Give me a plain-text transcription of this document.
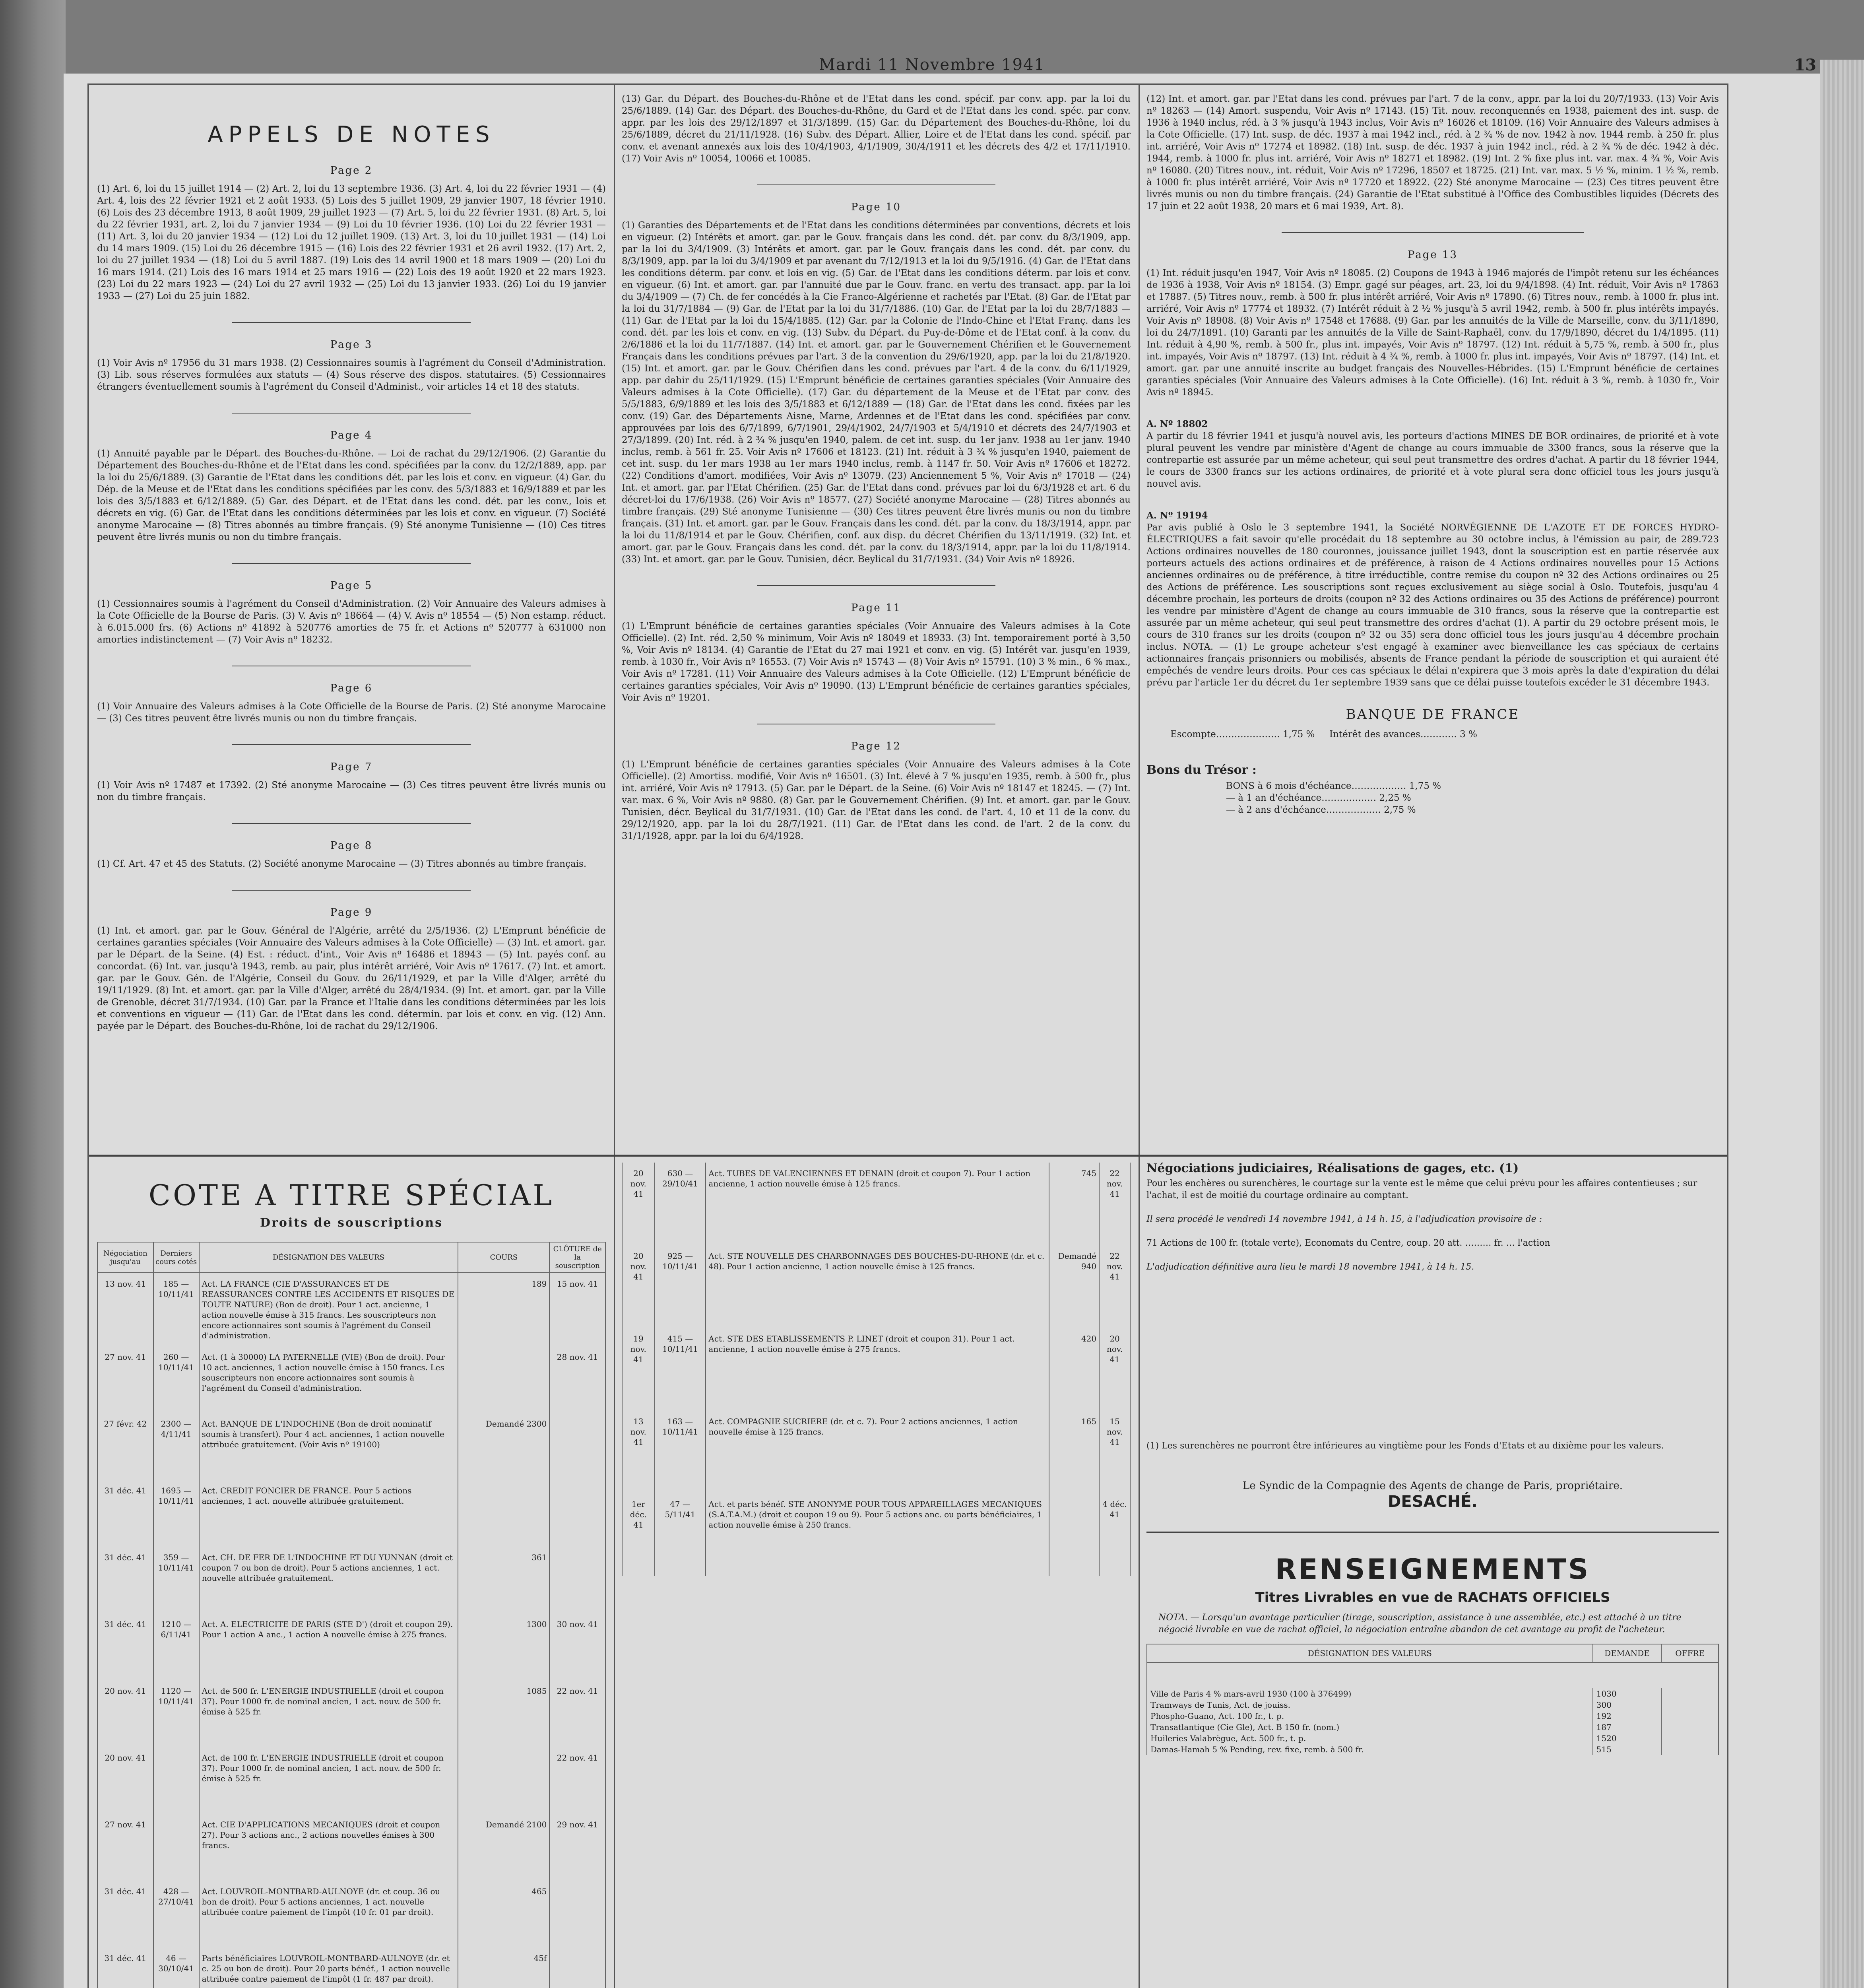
Mardi 11 Novembre 1941	13
APPELS DE NOTES
Page 2

(1) Art. 6, loi du 15 juillet 1914 — (2) Art. 2, loi du 13 septembre 1936. (3) Art. 4, loi du 22 février 1931 — (4) Art. 4, lois des 22 février 1921 et 2 août 1933. (5) Lois des 5 juillet 1909, 29 janvier 1907, 18 février 1910. (6) Lois des 23 décembre 1913, 8 août 1909, 29 juillet 1923 — (7) Art. 5, loi du 22 février 1931. (8) Art. 5, loi du 22 février 1931, art. 2, loi du 7 janvier 1934 — (9) Loi du 10 février 1936. (10) Loi du 22 février 1931 — (11) Art. 3, loi du 20 janvier 1934 — (12) Loi du 12 juillet 1909. (13) Art. 3, loi du 10 juillet 1931 — (14) Loi du 14 mars 1909. (15) Loi du 26 décembre 1915 — (16) Lois des 22 février 1931 et 26 avril 1932. (17) Art. 2, loi du 27 juillet 1934 — (18) Loi du 5 avril 1887. (19) Lois des 14 avril 1900 et 18 mars 1909 — (20) Loi du 16 mars 1914. (21) Lois des 16 mars 1914 et 25 mars 1916 — (22) Lois des 19 août 1920 et 22 mars 1923. (23) Loi du 22 mars 1923 — (24) Loi du 27 avril 1932 — (25) Loi du 13 janvier 1933. (26) Loi du 19 janvier 1933 — (27) Loi du 25 juin 1882.

Page 3

(1) Voir Avis nº 17956 du 31 mars 1938. (2) Cessionnaires soumis à l'agrément du Conseil d'Administration. (3) Lib. sous réserves formulées aux statuts — (4) Sous réserve des dispos. statutaires. (5) Cessionnaires étrangers éventuellement soumis à l'agrément du Conseil d'Administ., voir articles 14 et 18 des statuts.

Page 4

(1) Annuité payable par le Départ. des Bouches-du-Rhône. — Loi de rachat du 29/12/1906. (2) Garantie du Département des Bouches-du-Rhône et de l'Etat dans les cond. spécifiées par la conv. du 12/2/1889, app. par la loi du 25/6/1889. (3) Garantie de l'Etat dans les conditions dét. par les lois et conv. en vigueur. (4) Gar. du Dép. de la Meuse et de l'Etat dans les conditions spécifiées par les conv. des 5/3/1883 et 16/9/1889 et par les lois des 3/5/1883 et 6/12/1889. (5) Gar. des Départ. et de l'Etat dans les cond. dét. par les conv., lois et décrets en vig. (6) Gar. de l'Etat dans les conditions déterminées par les lois et conv. en vigueur. (7) Société anonyme Marocaine — (8) Titres abonnés au timbre français. (9) Sté anonyme Tunisienne — (10) Ces titres peuvent être livrés munis ou non du timbre français.

Page 5

(1) Cessionnaires soumis à l'agrément du Conseil d'Administration. (2) Voir Annuaire des Valeurs admises à la Cote Officielle de la Bourse de Paris. (3) V. Avis nº 18664 — (4) V. Avis nº 18554 — (5) Non estamp. réduct. à 6.015.000 frs. (6) Actions nº 41892 à 520776 amorties de 75 fr. et Actions nº 520777 à 631000 non amorties indistinctement — (7) Voir Avis nº 18232.

Page 6

(1) Voir Annuaire des Valeurs admises à la Cote Officielle de la Bourse de Paris. (2) Sté anonyme Marocaine — (3) Ces titres peuvent être livrés munis ou non du timbre français.

Page 7

(1) Voir Avis nº 17487 et 17392. (2) Sté anonyme Marocaine — (3) Ces titres peuvent être livrés munis ou non du timbre français.

Page 8

(1) Cf. Art. 47 et 45 des Statuts. (2) Société anonyme Marocaine — (3) Titres abonnés au timbre français.

Page 9

(1) Int. et amort. gar. par le Gouv. Général de l'Algérie, arrêté du 2/5/1936. (2) L'Emprunt bénéficie de certaines garanties spéciales (Voir Annuaire des Valeurs admises à la Cote Officielle) — (3) Int. et amort. gar. par le Départ. de la Seine. (4) Est. : réduct. d'int., Voir Avis nº 16486 et 18943 — (5) Int. payés conf. au concordat. (6) Int. var. jusqu'à 1943, remb. au pair, plus intérêt arriéré, Voir Avis nº 17617. (7) Int. et amort. gar. par le Gouv. Gén. de l'Algérie, Conseil du Gouv. du 26/11/1929, et par la Ville d'Alger, arrêté du 19/11/1929. (8) Int. et amort. gar. par la Ville d'Alger, arrêté du 28/4/1934. (9) Int. et amort. gar. par la Ville de Grenoble, décret 31/7/1934. (10) Gar. par la France et l'Italie dans les conditions déterminées par les lois et conventions en vigueur — (11) Gar. de l'Etat dans les cond. détermin. par lois et conv. en vig. (12) Ann. payée par le Départ. des Bouches-du-Rhône, loi de rachat du 29/12/1906.

(13) Gar. du Départ. des Bouches-du-Rhône et de l'Etat dans les cond. spécif. par conv. app. par la loi du 25/6/1889. (14) Gar. des Départ. des Bouches-du-Rhône, du Gard et de l'Etat dans les cond. spéc. par conv. appr. par les lois des 29/12/1897 et 31/3/1899. (15) Gar. du Département des Bouches-du-Rhône, loi du 25/6/1889, décret du 21/11/1928. (16) Subv. des Départ. Allier, Loire et de l'Etat dans les cond. spécif. par conv. et avenant annexés aux lois des 10/4/1903, 4/1/1909, 30/4/1911 et les décrets des 4/2 et 17/11/1910. (17) Voir Avis nº 10054, 10066 et 10085.

Page 10

(1) Garanties des Départements et de l'Etat dans les conditions déterminées par conventions, décrets et lois en vigueur. (2) Intérêts et amort. gar. par le Gouv. français dans les cond. dét. par conv. du 8/3/1909, app. par la loi du 3/4/1909. (3) Intérêts et amort. gar. par le Gouv. français dans les cond. dét. par conv. du 8/3/1909, app. par la loi du 3/4/1909 et par avenant du 7/12/1913 et la loi du 9/5/1916. (4) Gar. de l'Etat dans les conditions déterm. par conv. et lois en vig. (5) Gar. de l'Etat dans les conditions déterm. par lois et conv. en vigueur. (6) Int. et amort. gar. par l'annuité due par le Gouv. franc. en vertu des transact. app. par la loi du 3/4/1909 — (7) Ch. de fer concédés à la Cie Franco-Algérienne et rachetés par l'Etat. (8) Gar. de l'Etat par la loi du 31/7/1884 — (9) Gar. de l'Etat par la loi du 31/7/1886. (10) Gar. de l'Etat par la loi du 28/7/1883 — (11) Gar. de l'Etat par la loi du 15/4/1885. (12) Gar. par la Colonie de l'Indo-Chine et l'Etat Franç. dans les cond. dét. par les lois et conv. en vig. (13) Subv. du Départ. du Puy-de-Dôme et de l'Etat conf. à la conv. du 2/6/1886 et la loi du 11/7/1887. (14) Int. et amort. gar. par le Gouvernement Chérifien et le Gouvernement Français dans les conditions prévues par l'art. 3 de la convention du 29/6/1920, app. par la loi du 21/8/1920. (15) Int. et amort. gar. par le Gouv. Chérifien dans les cond. prévues par l'art. 4 de la conv. du 6/11/1929, app. par dahir du 25/11/1929. (15) L'Emprunt bénéficie de certaines garanties spéciales (Voir Annuaire des Valeurs admises à la Cote Officielle). (17) Gar. du département de la Meuse et de l'Etat par conv. des 5/5/1883, 6/9/1889 et les lois des 3/5/1883 et 6/12/1889 — (18) Gar. de l'Etat dans les cond. fixées par les conv. (19) Gar. des Départements Aisne, Marne, Ardennes et de l'Etat dans les cond. spécifiées par conv. approuvées par lois des 6/7/1899, 6/7/1901, 29/4/1902, 24/7/1903 et 5/4/1910 et décrets des 24/7/1903 et 27/3/1899. (20) Int. réd. à 2 ¾ % jusqu'en 1940, palem. de cet int. susp. du 1er janv. 1938 au 1er janv. 1940 inclus, remb. à 561 fr. 25. Voir Avis nº 17606 et 18123. (21) Int. réduit à 3 ¾ % jusqu'en 1940, paiement de cet int. susp. du 1er mars 1938 au 1er mars 1940 inclus, remb. à 1147 fr. 50. Voir Avis nº 17606 et 18272. (22) Conditions d'amort. modifiées, Voir Avis nº 13079. (23) Anciennement 5 %, Voir Avis nº 17018 — (24) Int. et amort. gar. par l'Etat Chérifien. (25) Gar. de l'Etat dans cond. prévues par loi du 6/3/1928 et art. 6 du décret-loi du 17/6/1938. (26) Voir Avis nº 18577. (27) Société anonyme Marocaine — (28) Titres abonnés au timbre français. (29) Sté anonyme Tunisienne — (30) Ces titres peuvent être livrés munis ou non du timbre français. (31) Int. et amort. gar. par le Gouv. Français dans les cond. dét. par la conv. du 18/3/1914, appr. par la loi du 11/8/1914 et par le Gouv. Chérifien, conf. aux disp. du décret Chérifien du 13/11/1919. (32) Int. et amort. gar. par le Gouv. Français dans les cond. dét. par la conv. du 18/3/1914, appr. par la loi du 11/8/1914. (33) Int. et amort. gar. par le Gouv. Tunisien, décr. Beylical du 31/7/1931. (34) Voir Avis nº 18926.

Page 11

(1) L'Emprunt bénéficie de certaines garanties spéciales (Voir Annuaire des Valeurs admises à la Cote Officielle). (2) Int. réd. 2,50 % minimum, Voir Avis nº 18049 et 18933. (3) Int. temporairement porté à 3,50 %, Voir Avis nº 18134. (4) Garantie de l'Etat du 27 mai 1921 et conv. en vig. (5) Intérêt var. jusqu'en 1939, remb. à 1030 fr., Voir Avis nº 16553. (7) Voir Avis nº 15743 — (8) Voir Avis nº 15791. (10) 3 % min., 6 % max., Voir Avis nº 17281. (11) Voir Annuaire des Valeurs admises à la Cote Officielle. (12) L'Emprunt bénéficie de certaines garanties spéciales, Voir Avis nº 19090. (13) L'Emprunt bénéficie de certaines garanties spéciales, Voir Avis nº 19201.

Page 12

(1) L'Emprunt bénéficie de certaines garanties spéciales (Voir Annuaire des Valeurs admises à la Cote Officielle). (2) Amortiss. modifié, Voir Avis nº 16501. (3) Int. élevé à 7 % jusqu'en 1935, remb. à 500 fr., plus int. arriéré, Voir Avis nº 17913. (5) Gar. par le Départ. de la Seine. (6) Voir Avis nº 18147 et 18245. — (7) Int. var. max. 6 %, Voir Avis nº 9880. (8) Gar. par le Gouvernement Chérifien. (9) Int. et amort. gar. par le Gouv. Tunisien, décr. Beylical du 31/7/1931. (10) Gar. de l'Etat dans les cond. de l'art. 4, 10 et 11 de la conv. du 29/12/1920, app. par la loi du 28/7/1921. (11) Gar. de l'Etat dans les cond. de l'art. 2 de la conv. du 31/1/1928, appr. par la loi du 6/4/1928.

(12) Int. et amort. gar. par l'Etat dans les cond. prévues par l'art. 7 de la conv., appr. par la loi du 20/7/1933. (13) Voir Avis nº 18263 — (14) Amort. suspendu, Voir Avis nº 17143. (15) Tit. nouv. reconquennés en 1938, paiement des int. susp. de 1936 à 1940 inclus, réd. à 3 % jusqu'à 1943 inclus, Voir Avis nº 16026 et 18109. (16) Voir Annuaire des Valeurs admises à la Cote Officielle. (17) Int. susp. de déc. 1937 à mai 1942 incl., réd. à 2 ¾ % de nov. 1942 à nov. 1944 remb. à 250 fr. plus int. arriéré, Voir Avis nº 17274 et 18982. (18) Int. susp. de déc. 1937 à juin 1942 incl., réd. à 2 ¾ % de déc. 1942 à déc. 1944, remb. à 1000 fr. plus int. arriéré, Voir Avis nº 18271 et 18982. (19) Int. 2 % fixe plus int. var. max. 4 ¾ %, Voir Avis nº 16080. (20) Titres nouv., int. réduit, Voir Avis nº 17296, 18507 et 18725. (21) Int. var. max. 5 ½ %, minim. 1 ½ %, remb. à 1000 fr. plus intérêt arriéré, Voir Avis nº 17720 et 18922. (22) Sté anonyme Marocaine — (23) Ces titres peuvent être livrés munis ou non du timbre français. (24) Garantie de l'Etat substitué à l'Office des Combustibles liquides (Décrets des 17 juin et 22 août 1938, 20 mars et 6 mai 1939, Art. 8).

Page 13

(1) Int. réduit jusqu'en 1947, Voir Avis nº 18085. (2) Coupons de 1943 à 1946 majorés de l'impôt retenu sur les échéances de 1936 à 1938, Voir Avis nº 18154. (3) Empr. gagé sur péages, art. 23, loi du 9/4/1898. (4) Int. réduit, Voir Avis nº 17863 et 17887. (5) Titres nouv., remb. à 500 fr. plus intérêt arriéré, Voir Avis nº 17890. (6) Titres nouv., remb. à 1000 fr. plus int. arriéré, Voir Avis nº 17774 et 18932. (7) Intérêt réduit à 2 ½ % jusqu'à 5 avril 1942, remb. à 500 fr. plus intérêts impayés. Voir Avis nº 18908. (8) Voir Avis nº 17548 et 17688. (9) Gar. par les annuités de la Ville de Marseille, conv. du 3/11/1890, loi du 24/7/1891. (10) Garanti par les annuités de la Ville de Saint-Raphaël, conv. du 17/9/1890, décret du 1/4/1895. (11) Int. réduit à 4,90 %, remb. à 500 fr., plus int. impayés, Voir Avis nº 18797. (12) Int. réduit à 5,75 %, remb. à 500 fr., plus int. impayés, Voir Avis nº 18797. (13) Int. réduit à 4 ¾ %, remb. à 1000 fr. plus int. impayés, Voir Avis nº 18797. (14) Int. et amort. gar. par une annuité inscrite au budget français des Nouvelles-Hébrides. (15) L'Emprunt bénéficie de certaines garanties spéciales (Voir Annuaire des Valeurs admises à la Cote Officielle). (16) Int. réduit à 3 %, remb. à 1030 fr., Voir Avis nº 18945.

A. Nº 18802

A partir du 18 février 1941 et jusqu'à nouvel avis, les porteurs d'actions MINES DE BOR ordinaires, de priorité et à vote plural peuvent les vendre par ministère d'Agent de change au cours immuable de 3300 francs, sous la réserve que la contrepartie est assurée par un même acheteur, qui seul peut transmettre des ordres d'achat. A partir du 18 février 1944, le cours de 3300 francs sur les actions ordinaires, de priorité et à vote plural sera donc officiel tous les jours jusqu'à nouvel avis.

A. Nº 19194

Par avis publié à Oslo le 3 septembre 1941, la Société NORVÉGIENNE DE L'AZOTE ET DE FORCES HYDRO-ÉLECTRIQUES a fait savoir qu'elle procédait du 18 septembre au 30 octobre inclus, à l'émission au pair, de 289.723 Actions ordinaires nouvelles de 180 couronnes, jouissance juillet 1943, dont la souscription est en partie réservée aux porteurs actuels des actions ordinaires et de préférence, à raison de 4 Actions ordinaires nouvelles pour 15 Actions anciennes ordinaires ou de préférence, à titre irréductible, contre remise du coupon nº 32 des Actions ordinaires ou 25 des Actions de préférence. Les souscriptions sont reçues exclusivement au siège social à Oslo. Toutefois, jusqu'au 4 décembre prochain, les porteurs de droits (coupon nº 32 des Actions ordinaires ou 35 des Actions de préférence) pourront les vendre par ministère d'Agent de change au cours immuable de 310 francs, sous la réserve que la contrepartie est assurée par un même acheteur, qui seul peut transmettre des ordres d'achat (1). A partir du 29 octobre présent mois, le cours de 310 francs sur les droits (coupon nº 32 ou 35) sera donc officiel tous les jours jusqu'au 4 décembre prochain inclus. NOTA. — (1) Le groupe acheteur s'est engagé à examiner avec bienveillance les cas spéciaux de certains actionnaires français prisonniers ou mobilisés, absents de France pendant la période de souscription et qui auraient été empêchés de vendre leurs droits. Pour ces cas spéciaux le délai n'expirera que 3 mois après la date d'expiration du délai prévu par l'article 1er du décret du 1er septembre 1939 sans que ce délai puisse toutefois excéder le 31 décembre 1943.

BANQUE DE FRANCE

Escompte………………… 1,75 % Intérêt des avances………… 3 %

Bons du Trésor :

BONS à 6 mois d'échéance……………… 1,75 %

— à 1 an d'échéance……………… 2,25 %

— à 2 ans d'échéance……………… 2,75 %

COTE A TITRE SPÉCIAL
Droits de souscriptions
Négociation jusqu'au	Derniers cours cotés	DÉSIGNATION DES VALEURS	COURS	CLÔTURE de la souscription
13 nov. 41	185 — 10/11/41	Act. LA FRANCE (CIE D'ASSURANCES ET DE REASSURANCES CONTRE LES ACCIDENTS ET RISQUES DE TOUTE NATURE) (Bon de droit). Pour 1 act. ancienne, 1 action nouvelle émise à 315 francs. Les souscripteurs non encore actionnaires sont soumis à l'agrément du Conseil d'administration.	189	15 nov. 41
27 nov. 41	260 — 10/11/41	Act. (1 à 30000) LA PATERNELLE (VIE) (Bon de droit). Pour 10 act. anciennes, 1 action nouvelle émise à 150 francs. Les souscripteurs non encore actionnaires sont soumis à l'agrément du Conseil d'administration.		28 nov. 41
27 févr. 42	2300 — 4/11/41	Act. BANQUE DE L'INDOCHINE (Bon de droit nominatif soumis à transfert). Pour 4 act. anciennes, 1 action nouvelle attribuée gratuitement. (Voir Avis nº 19100)	Demandé 2300	
31 déc. 41	1695 — 10/11/41	Act. CREDIT FONCIER DE FRANCE. Pour 5 actions anciennes, 1 act. nouvelle attribuée gratuitement.		
31 déc. 41	359 — 10/11/41	Act. CH. DE FER DE L'INDOCHINE ET DU YUNNAN (droit et coupon 7 ou bon de droit). Pour 5 actions anciennes, 1 act. nouvelle attribuée gratuitement.	361	
31 déc. 41	1210 — 6/11/41	Act. A. ELECTRICITE DE PARIS (STE D') (droit et coupon 29). Pour 1 action A anc., 1 action A nouvelle émise à 275 francs.	1300	30 nov. 41
20 nov. 41	1120 — 10/11/41	Act. de 500 fr. L'ENERGIE INDUSTRIELLE (droit et coupon 37). Pour 1000 fr. de nominal ancien, 1 act. nouv. de 500 fr. émise à 525 fr.	1085	22 nov. 41
20 nov. 41		Act. de 100 fr. L'ENERGIE INDUSTRIELLE (droit et coupon 37). Pour 1000 fr. de nominal ancien, 1 act. nouv. de 500 fr. émise à 525 fr.		22 nov. 41
27 nov. 41		Act. CIE D'APPLICATIONS MECANIQUES (droit et coupon 27). Pour 3 actions anc., 2 actions nouvelles émises à 300 francs.	Demandé 2100	29 nov. 41
31 déc. 41	428 — 27/10/41	Act. LOUVROIL-MONTBARD-AULNOYE (dr. et coup. 36 ou bon de droit). Pour 5 actions anciennes, 1 act. nouvelle attribuée contre paiement de l'impôt (10 fr. 01 par droit).	465	
31 déc. 41	46 — 30/10/41	Parts bénéficiaires LOUVROIL-MONTBARD-AULNOYE (dr. et c. 25 ou bon de droit). Pour 20 parts bénéf., 1 action nouvelle attribuée contre paiement de l'impôt (1 fr. 487 par droit).	45f	

20 nov. 41	630 — 29/10/41	Act. TUBES DE VALENCIENNES ET DENAIN (droit et coupon 7). Pour 1 action ancienne, 1 action nouvelle émise à 125 francs.	745	22 nov. 41
20 nov. 41	925 — 10/11/41	Act. STE NOUVELLE DES CHARBONNAGES DES BOUCHES-DU-RHONE (dr. et c. 48). Pour 1 action ancienne, 1 action nouvelle émise à 125 francs.	Demandé 940	22 nov. 41
19 nov. 41	415 — 10/11/41	Act. STE DES ETABLISSEMENTS P. LINET (droit et coupon 31). Pour 1 act. ancienne, 1 action nouvelle émise à 275 francs.	420	20 nov. 41
13 nov. 41	163 — 10/11/41	Act. COMPAGNIE SUCRIERE (dr. et c. 7). Pour 2 actions anciennes, 1 action nouvelle émise à 125 francs.	165	15 nov. 41
1er déc. 41	47 — 5/11/41	Act. et parts bénéf. STE ANONYME POUR TOUS APPAREILLAGES MECANIQUES (S.A.T.A.M.) (droit et coupon 19 ou 9). Pour 5 actions anc. ou parts bénéficiaires, 1 action nouvelle émise à 250 francs.		4 déc. 41

Négociations judiciaires, Réalisations de gages, etc. (1)

Pour les enchères ou surenchères, le courtage sur la vente est le même que celui prévu pour les affaires contentieuses ; sur l'achat, il est de moitié du courtage ordinaire au comptant.

Il sera procédé le vendredi 14 novembre 1941, à 14 h. 15, à l'adjudication provisoire de :

71 Actions de 100 fr. (totale verte), Economats du Centre, coup. 20 att. ……… fr. … l'action

L'adjudication définitive aura lieu le mardi 18 novembre 1941, à 14 h. 15.

(1) Les surenchères ne pourront être inférieures au vingtième pour les Fonds d'Etats et au dixième pour les valeurs.

Le Syndic de la Compagnie des Agents de change de Paris, propriétaire.

DESACHÉ.

RENSEIGNEMENTS

Titres Livrables en vue de RACHATS OFFICIELS

NOTA. — Lorsqu'un avantage particulier (tirage, souscription, assistance à une assemblée, etc.) est attaché à un titre négocié livrable en vue de rachat officiel, la négociation entraîne abandon de cet avantage au profit de l'acheteur.

DÉSIGNATION DES VALEURS	DEMANDE	OFFRE

Ville de Paris 4 % mars-avril 1930 (100 à 376499)	1030	
Tramways de Tunis, Act. de jouiss.	300	
Phospho-Guano, Act. 100 fr., t. p.	192	
Transatlantique (Cie Gle), Act. B 150 fr. (nom.)	187	
Huileries Valabrègue, Act. 500 fr., t. p.	1520	
Damas-Hamah 5 % Pending, rev. fixe, remb. à 500 fr.	515	
